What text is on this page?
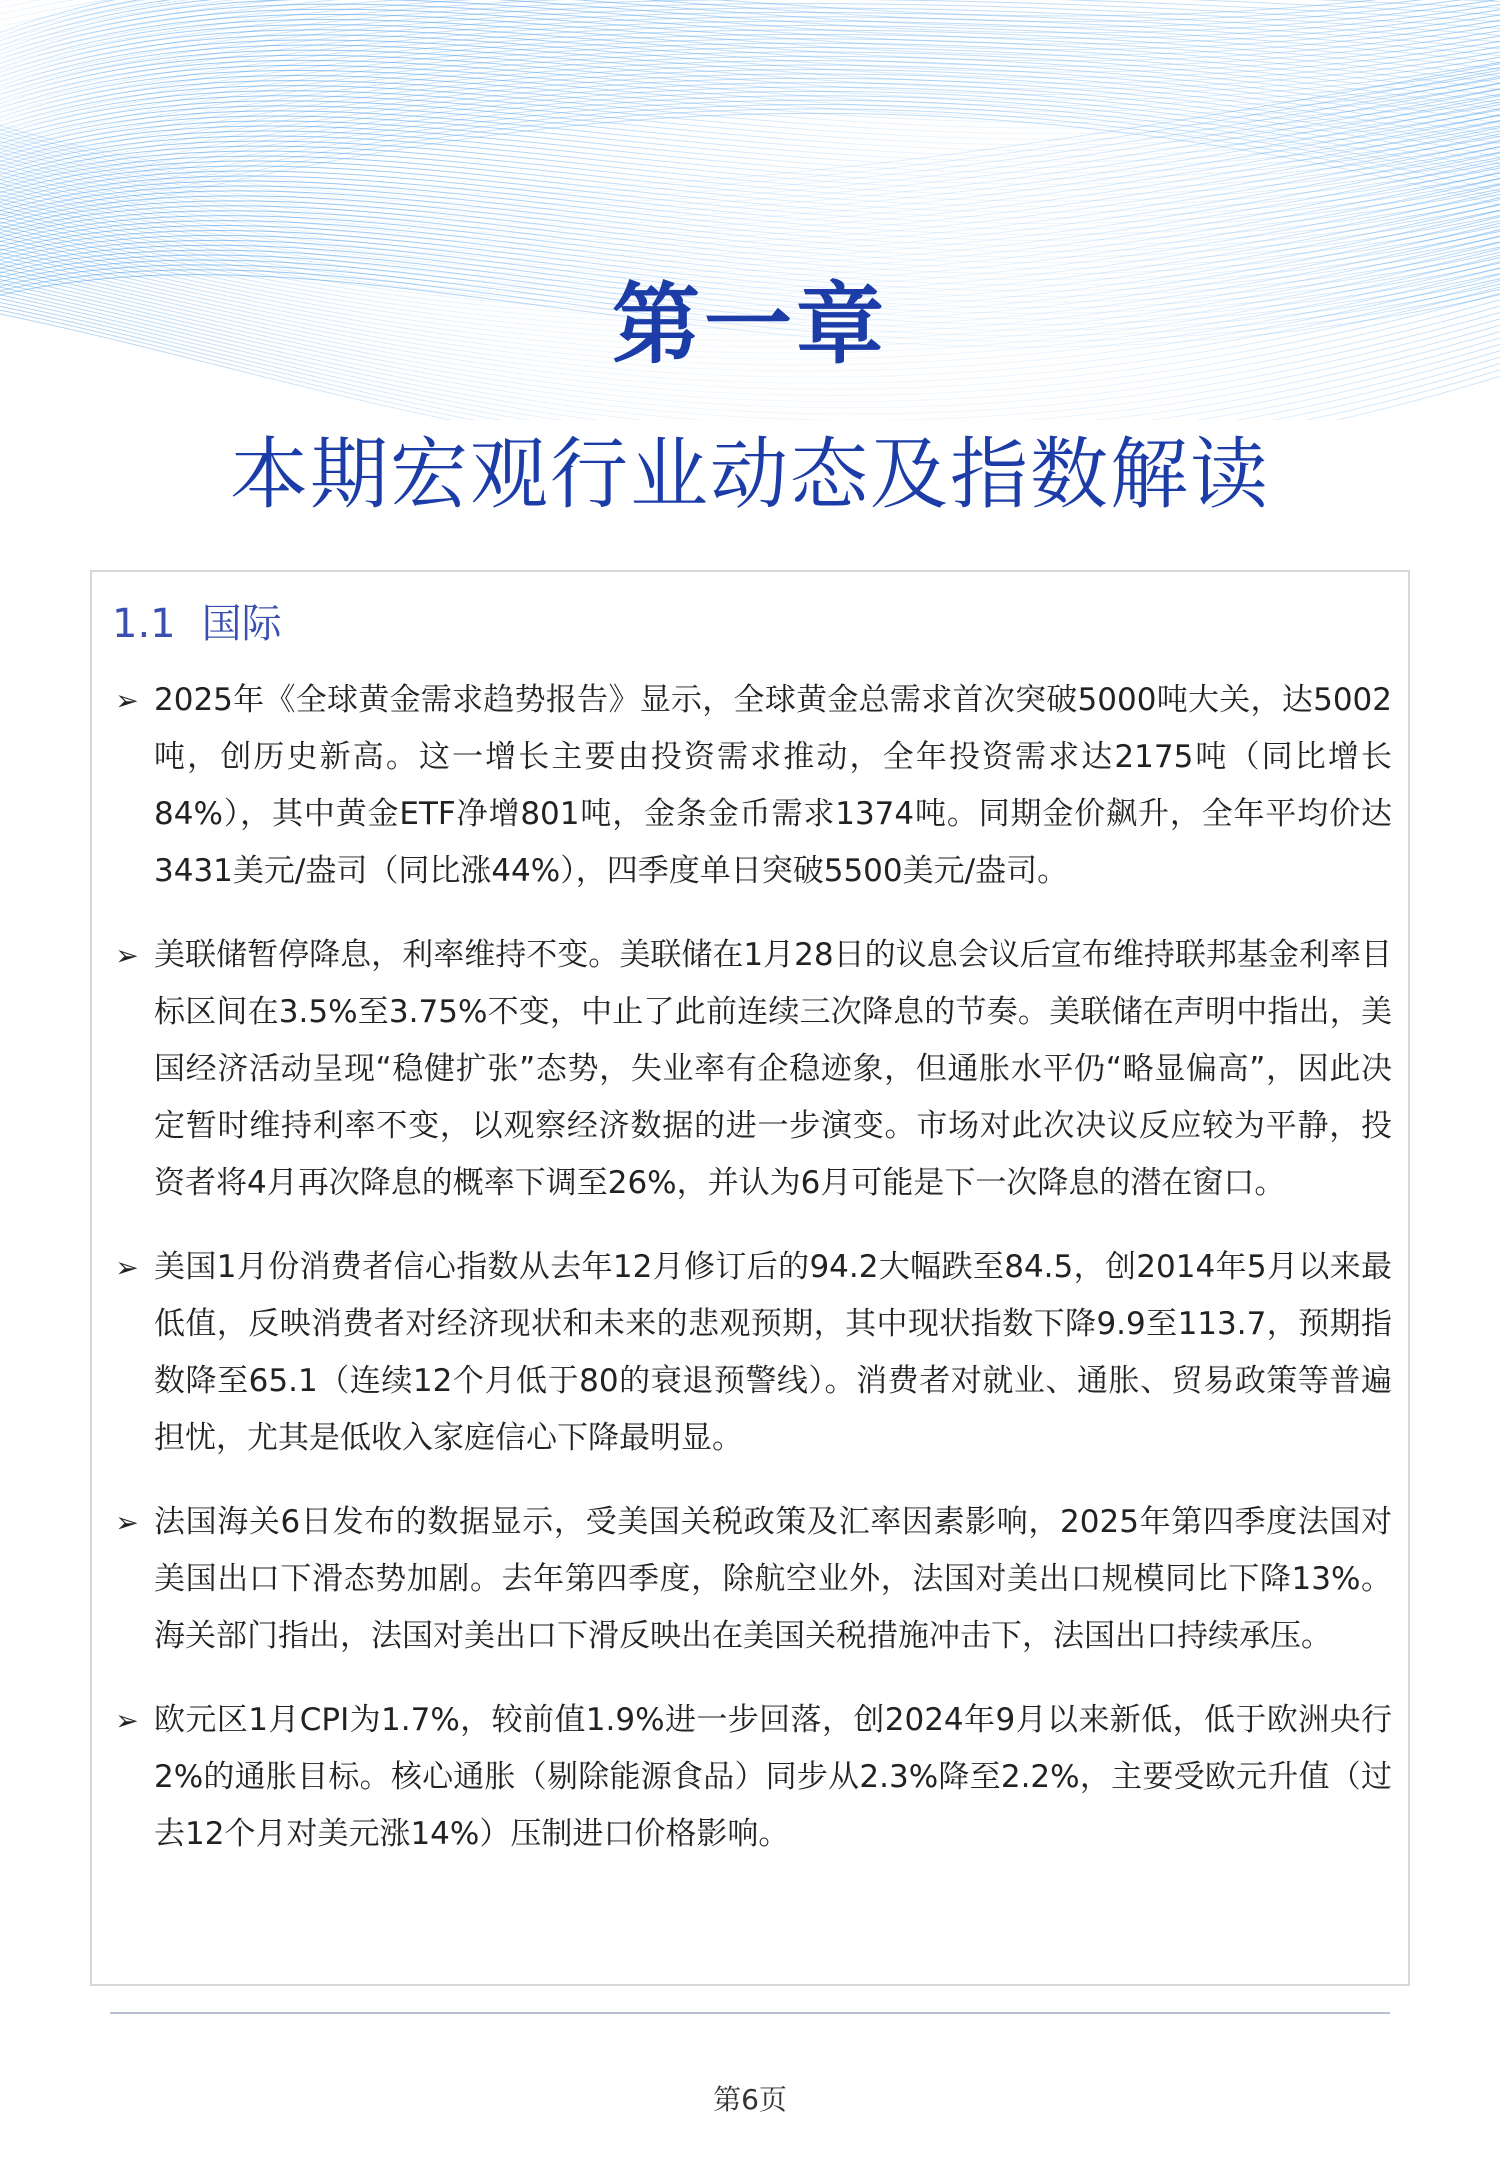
第一章
本期宏观行业动态及指数解读
1.1 国际
➢ 2025年《全球黄金需求趋势报告》显示，全球黄金总需求首次突破5000吨大关，达5002吨，创历史新高。这一增长主要由投资需求推动，全年投资需求达2175吨（同比增长84%），其中黄金ETF净增801吨，金条金币需求1374吨。同期金价飙升，全年平均价达3431美元/盎司（同比涨44%），四季度单日突破5500美元/盎司。
➢ 美联储暂停降息，利率维持不变。美联储在1月28日的议息会议后宣布维持联邦基金利率目标区间在3.5%至3.75%不变，中止了此前连续三次降息的节奏。美联储在声明中指出，美国经济活动呈现“稳健扩张”态势，失业率有企稳迹象，但通胀水平仍“略显偏高”，因此决定暂时维持利率不变，以观察经济数据的进一步演变。市场对此次决议反应较为平静，投资者将4月再次降息的概率下调至26%，并认为6月可能是下一次降息的潜在窗口。
➢ 美国1月份消费者信心指数从去年12月修订后的94.2大幅跌至84.5，创2014年5月以来最低值，反映消费者对经济现状和未来的悲观预期，其中现状指数下降9.9至113.7，预期指数降至65.1（连续12个月低于80的衰退预警线）。消费者对就业、通胀、贸易政策等普遍担忧，尤其是低收入家庭信心下降最明显。
➢ 法国海关6日发布的数据显示，受美国关税政策及汇率因素影响，2025年第四季度法国对美国出口下滑态势加剧。去年第四季度，除航空业外，法国对美出口规模同比下降13%。海关部门指出，法国对美出口下滑反映出在美国关税措施冲击下，法国出口持续承压。
➢ 欧元区1月CPI为1.7%，较前值1.9%进一步回落，创2024年9月以来新低，低于欧洲央行2%的通胀目标。核心通胀（剔除能源食品）同步从2.3%降至2.2%，主要受欧元升值（过去12个月对美元涨14%）压制进口价格影响。
第6页
